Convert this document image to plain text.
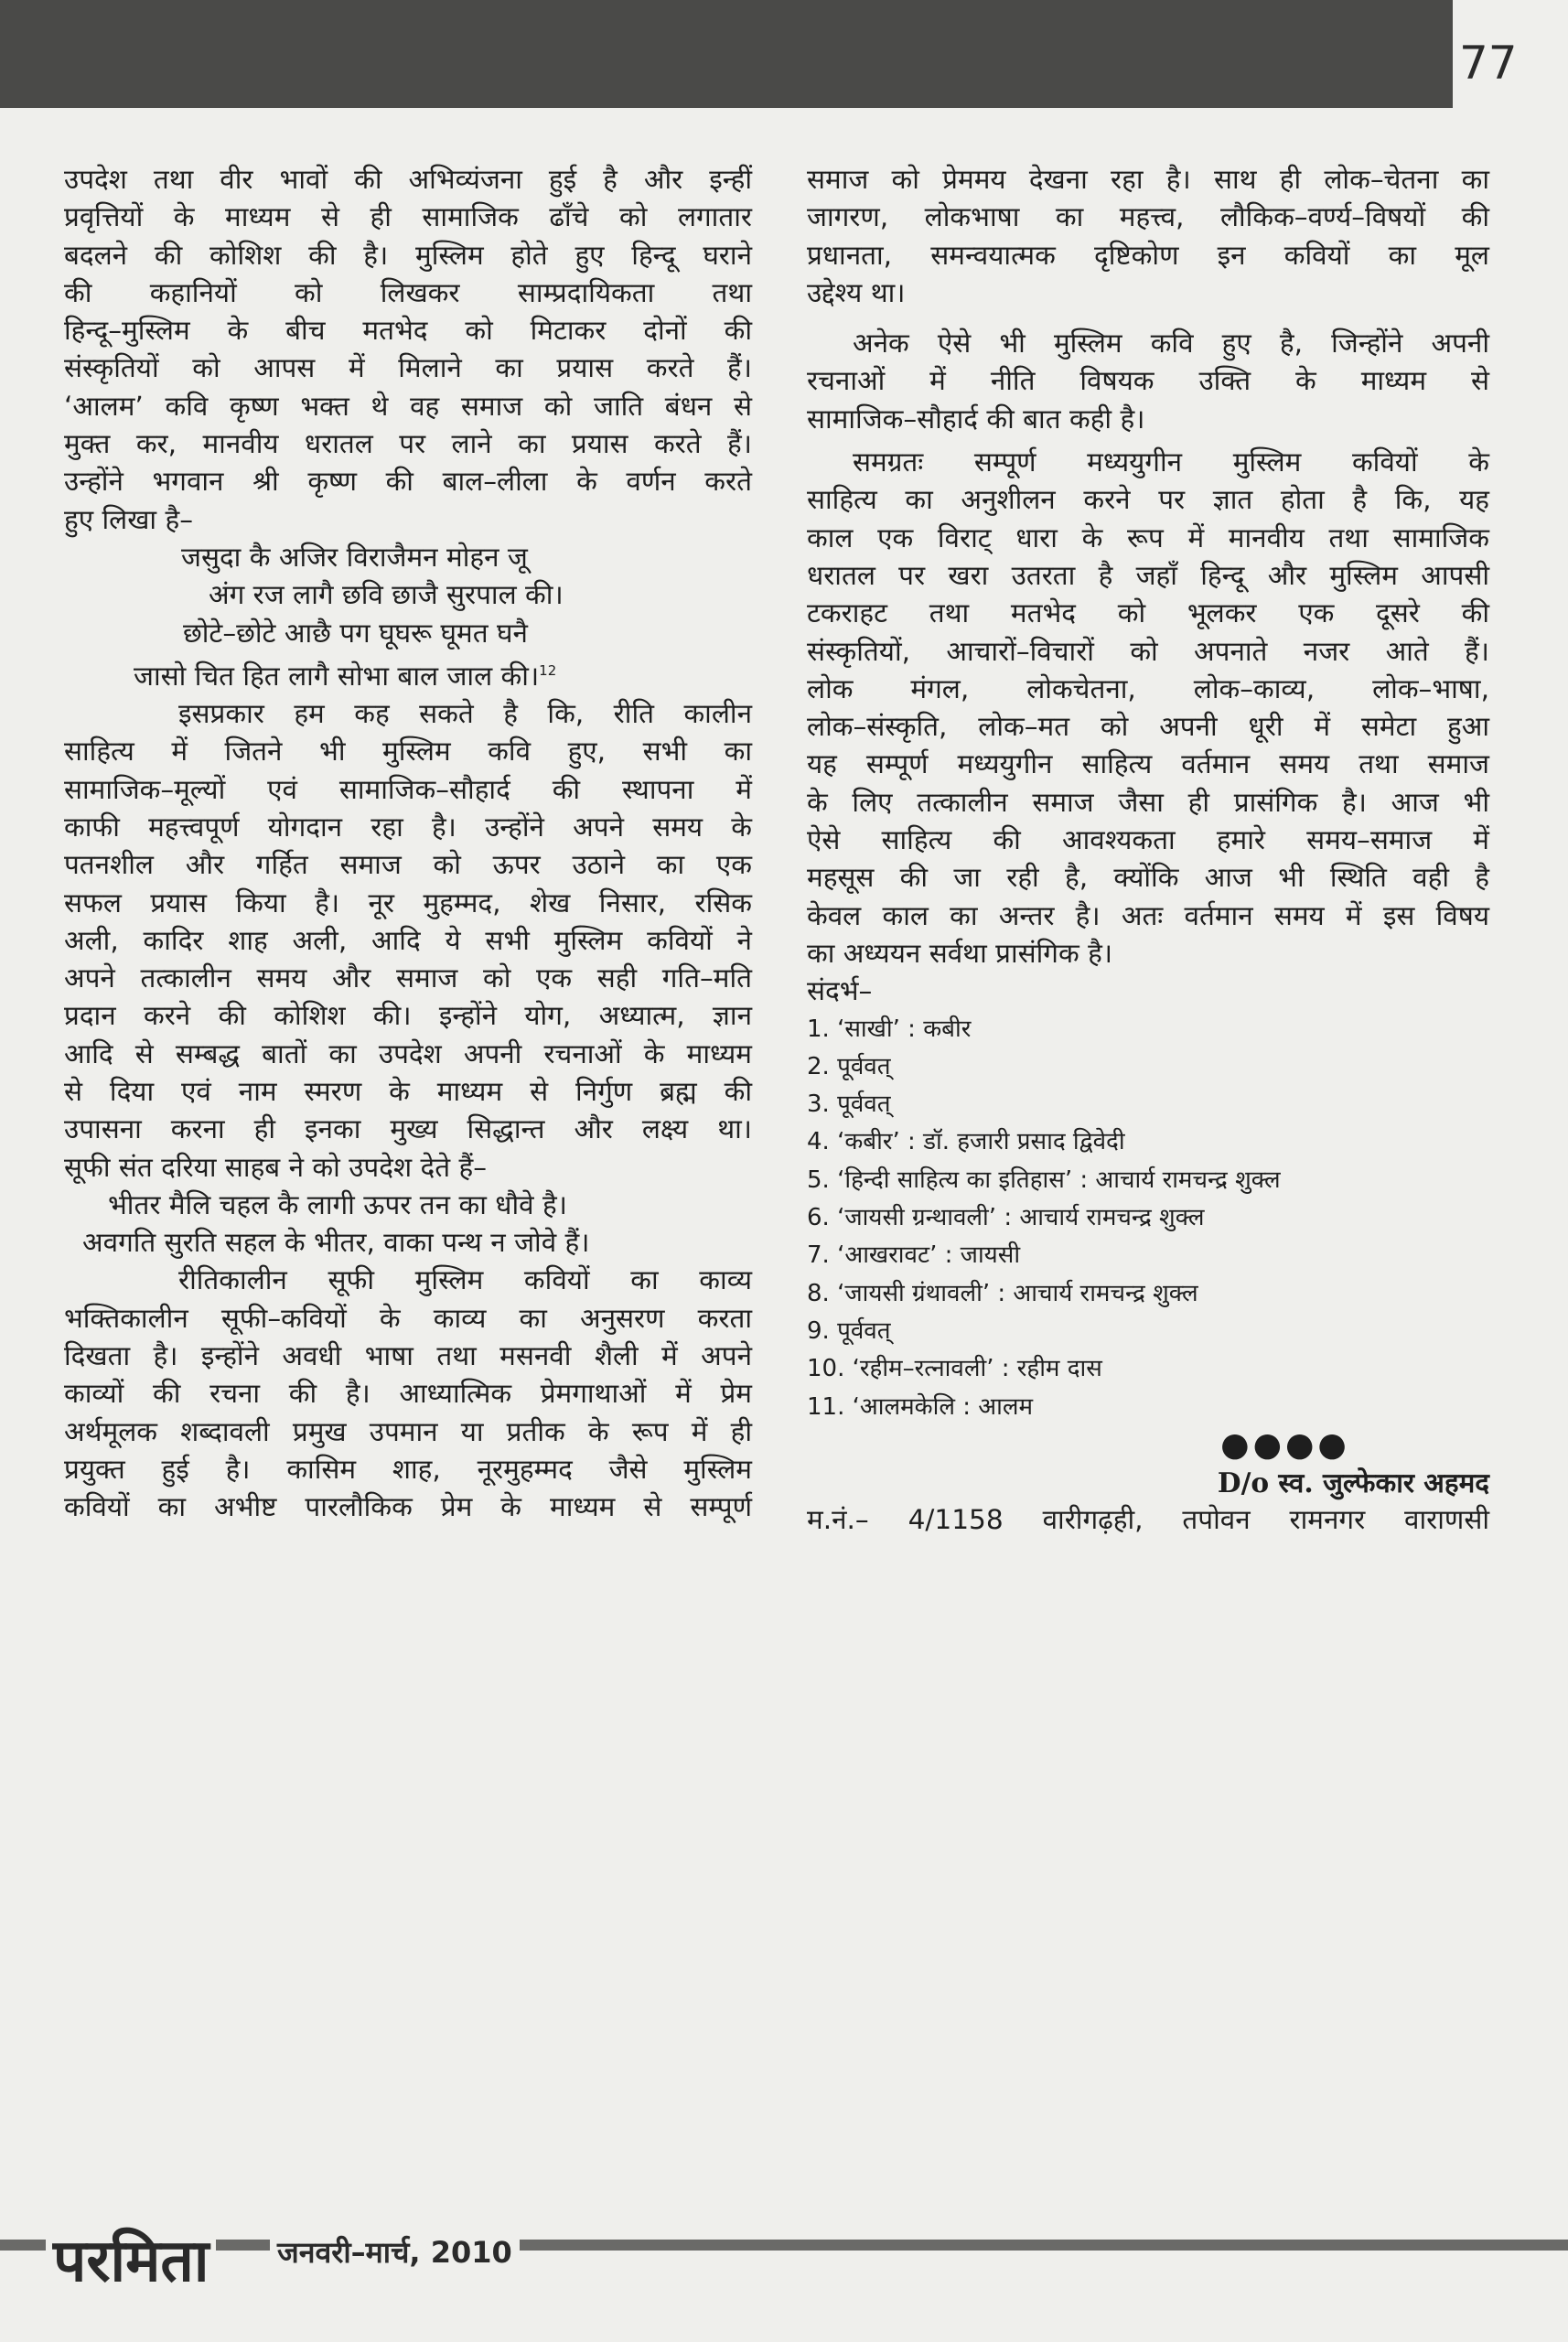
77

उपदेश तथा वीर भावों की अभिव्यंजना हुई है और इन्हीं

प्रवृत्तियों के माध्यम से ही सामाजिक ढाँचे को लगातार

बदलने की कोशिश की है। मुस्लिम होते हुए हिन्दू घराने

की कहानियों को लिखकर साम्प्रदायिकता तथा

हिन्दू–मुस्लिम के बीच मतभेद को मिटाकर दोनों की

संस्कृतियों को आपस में मिलाने का प्रयास करते हैं।

‘आलम’ कवि कृष्ण भक्त थे वह समाज को जाति बंधन से

मुक्त कर, मानवीय धरातल पर लाने का प्रयास करते हैं।

उन्होंने भगवान श्री कृष्ण की बाल–लीला के वर्णन करते

हुए लिखा है–

जसुदा कै अजिर विराजैमन मोहन जू

अंग रज लागै छवि छाजै सुरपाल की।

छोटे–छोटे आछै पग घूघरू घूमत घनै

जासो चित हित लागै सोभा बाल जाल की।$^{12}$

इसप्रकार हम कह सकते है कि, रीति कालीन

साहित्य में जितने भी मुस्लिम कवि हुए, सभी का

सामाजिक–मूल्यों एवं सामाजिक–सौहार्द की स्थापना में

काफी महत्त्वपूर्ण योगदान रहा है। उन्होंने अपने समय के

पतनशील और गर्हित समाज को ऊपर उठाने का एक

सफल प्रयास किया है। नूर मुहम्मद, शेख निसार, रसिक

अली, कादिर शाह अली, आदि ये सभी मुस्लिम कवियों ने

अपने तत्कालीन समय और समाज को एक सही गति–मति

प्रदान करने की कोशिश की। इन्होंने योग, अध्यात्म, ज्ञान

आदि से सम्बद्ध बातों का उपदेश अपनी रचनाओं के माध्यम

से दिया एवं नाम स्मरण के माध्यम से निर्गुण ब्रह्म की

उपासना करना ही इनका मुख्य सिद्धान्त और लक्ष्य था।

सूफी संत दरिया साहब ने को उपदेश देते हैं–

भीतर मैलि चहल कै लागी ऊपर तन का धौवे है।

अवगति सुरति सहल के भीतर, वाका पन्थ न जोवे हैं।

रीतिकालीन सूफी मुस्लिम कवियों का काव्य

भक्तिकालीन सूफी–कवियों के काव्य का अनुसरण करता

दिखता है। इन्होंने अवधी भाषा तथा मसनवी शैली में अपने

काव्यों की रचना की है। आध्यात्मिक प्रेमगाथाओं में प्रेम

अर्थमूलक शब्दावली प्रमुख उपमान या प्रतीक के रूप में ही

प्रयुक्त हुई है। कासिम शाह, नूरमुहम्मद जैसे मुस्लिम

कवियों का अभीष्ट पारलौकिक प्रेम के माध्यम से सम्पूर्ण

समाज को प्रेममय देखना रहा है। साथ ही लोक–चेतना का

जागरण, लोकभाषा का महत्त्व, लौकिक–वर्ण्य–विषयों की

प्रधानता, समन्वयात्मक दृष्टिकोण इन कवियों का मूल

उद्देश्य था।

अनेक ऐसे भी मुस्लिम कवि हुए है, जिन्होंने अपनी

रचनाओं में नीति विषयक उक्ति के माध्यम से

सामाजिक–सौहार्द की बात कही है।

समग्रतः सम्पूर्ण मध्ययुगीन मुस्लिम कवियों के

साहित्य का अनुशीलन करने पर ज्ञात होता है कि, यह

काल एक विराट् धारा के रूप में मानवीय तथा सामाजिक

धरातल पर खरा उतरता है जहाँ हिन्दू और मुस्लिम आपसी

टकराहट तथा मतभेद को भूलकर एक दूसरे की

संस्कृतियों, आचारों–विचारों को अपनाते नजर आते हैं।

लोक मंगल, लोकचेतना, लोक–काव्य, लोक–भाषा,

लोक–संस्कृति, लोक–मत को अपनी धूरी में समेटा हुआ

यह सम्पूर्ण मध्ययुगीन साहित्य वर्तमान समय तथा समाज

के लिए तत्कालीन समाज जैसा ही प्रासंगिक है। आज भी

ऐसे साहित्य की आवश्यकता हमारे समय–समाज में

महसूस की जा रही है, क्योंकि आज भी स्थिति वही है

केवल काल का अन्तर है। अतः वर्तमान समय में इस विषय

का अध्ययन सर्वथा प्रासंगिक है।

संदर्भ–

1. ‘साखी’ : कबीर
2. पूर्ववत्
3. पूर्ववत्
4. ‘कबीर’ : डॉ. हजारी प्रसाद द्विवेदी
5. ‘हिन्दी साहित्य का इतिहास’ : आचार्य रामचन्द्र शुक्ल
6. ‘जायसी ग्रन्थावली’ : आचार्य रामचन्द्र शुक्ल
7. ‘आखरावट’ : जायसी
8. ‘जायसी ग्रंथावली’ : आचार्य रामचन्द्र शुक्ल
9. पूर्ववत्
10. ‘रहीम–रत्नावली’ : रहीम दास
11. ‘आलमकेलि : आलम

●●●●

D/o स्व. जुल्फेकार अहमद

म.नं.– 4/1158 वारीगढ़ही, तपोवन रामनगर वाराणसी

परमिता जनवरी–मार्च, 2010
